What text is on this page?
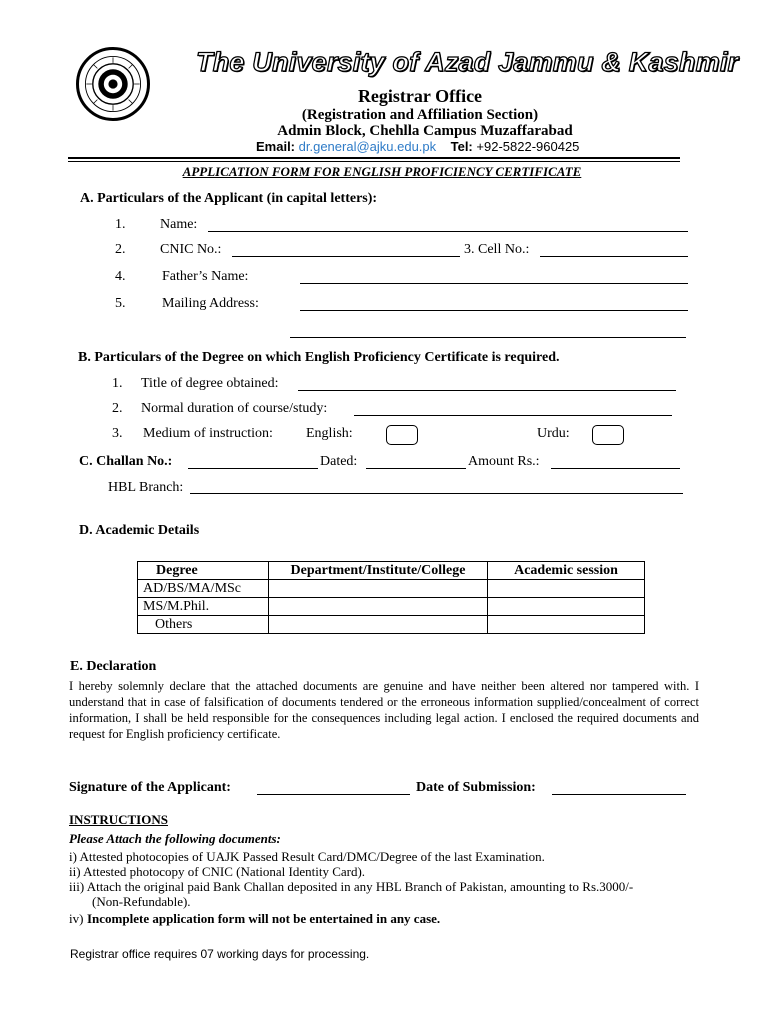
The University of Azad Jammu & Kashmir
Registrar Office
(Registration and Affiliation Section)
Admin Block, Chehlla Campus Muzaffarabad
Email: dr.general@ajku.edu.pk Tel: +92-5822-960425
APPLICATION FORM FOR ENGLISH PROFICIENCY CERTIFICATE
A. Particulars of the Applicant (in capital letters):
1. Name:
2. CNIC No.:	3. Cell No.:
4.	Father’s Name:
5.	Mailing Address:
B. Particulars of the Degree on which English Proficiency Certificate is required.
1. Title of degree obtained:
2. Normal duration of course/study:
3. Medium of instruction: English:	Urdu:
C. Challan No.:	Dated:	Amount Rs.:
HBL Branch:
D. Academic Details
Degree	Department/Institute/College	Academic session
AD/BS/MA/MSc		
MS/M.Phil.		
Others		
E. Declaration
I hereby solemnly declare that the attached documents are genuine and have neither been altered nor tampered with. I understand that in case of falsification of documents tendered or the erroneous information supplied/concealment of correct information, I shall be held responsible for the consequences including legal action. I enclosed the required documents and request for English proficiency certificate.
Signature of the Applicant:	Date of Submission:
INSTRUCTIONS
Please Attach the following documents:
i) Attested photocopies of UAJK Passed Result Card/DMC/Degree of the last Examination.
ii) Attested photocopy of CNIC (National Identity Card).
iii) Attach the original paid Bank Challan deposited in any HBL Branch of Pakistan, amounting to Rs.3000/-
(Non-Refundable).
iv) Incomplete application form will not be entertained in any case.
Registrar office requires 07 working days for processing.
